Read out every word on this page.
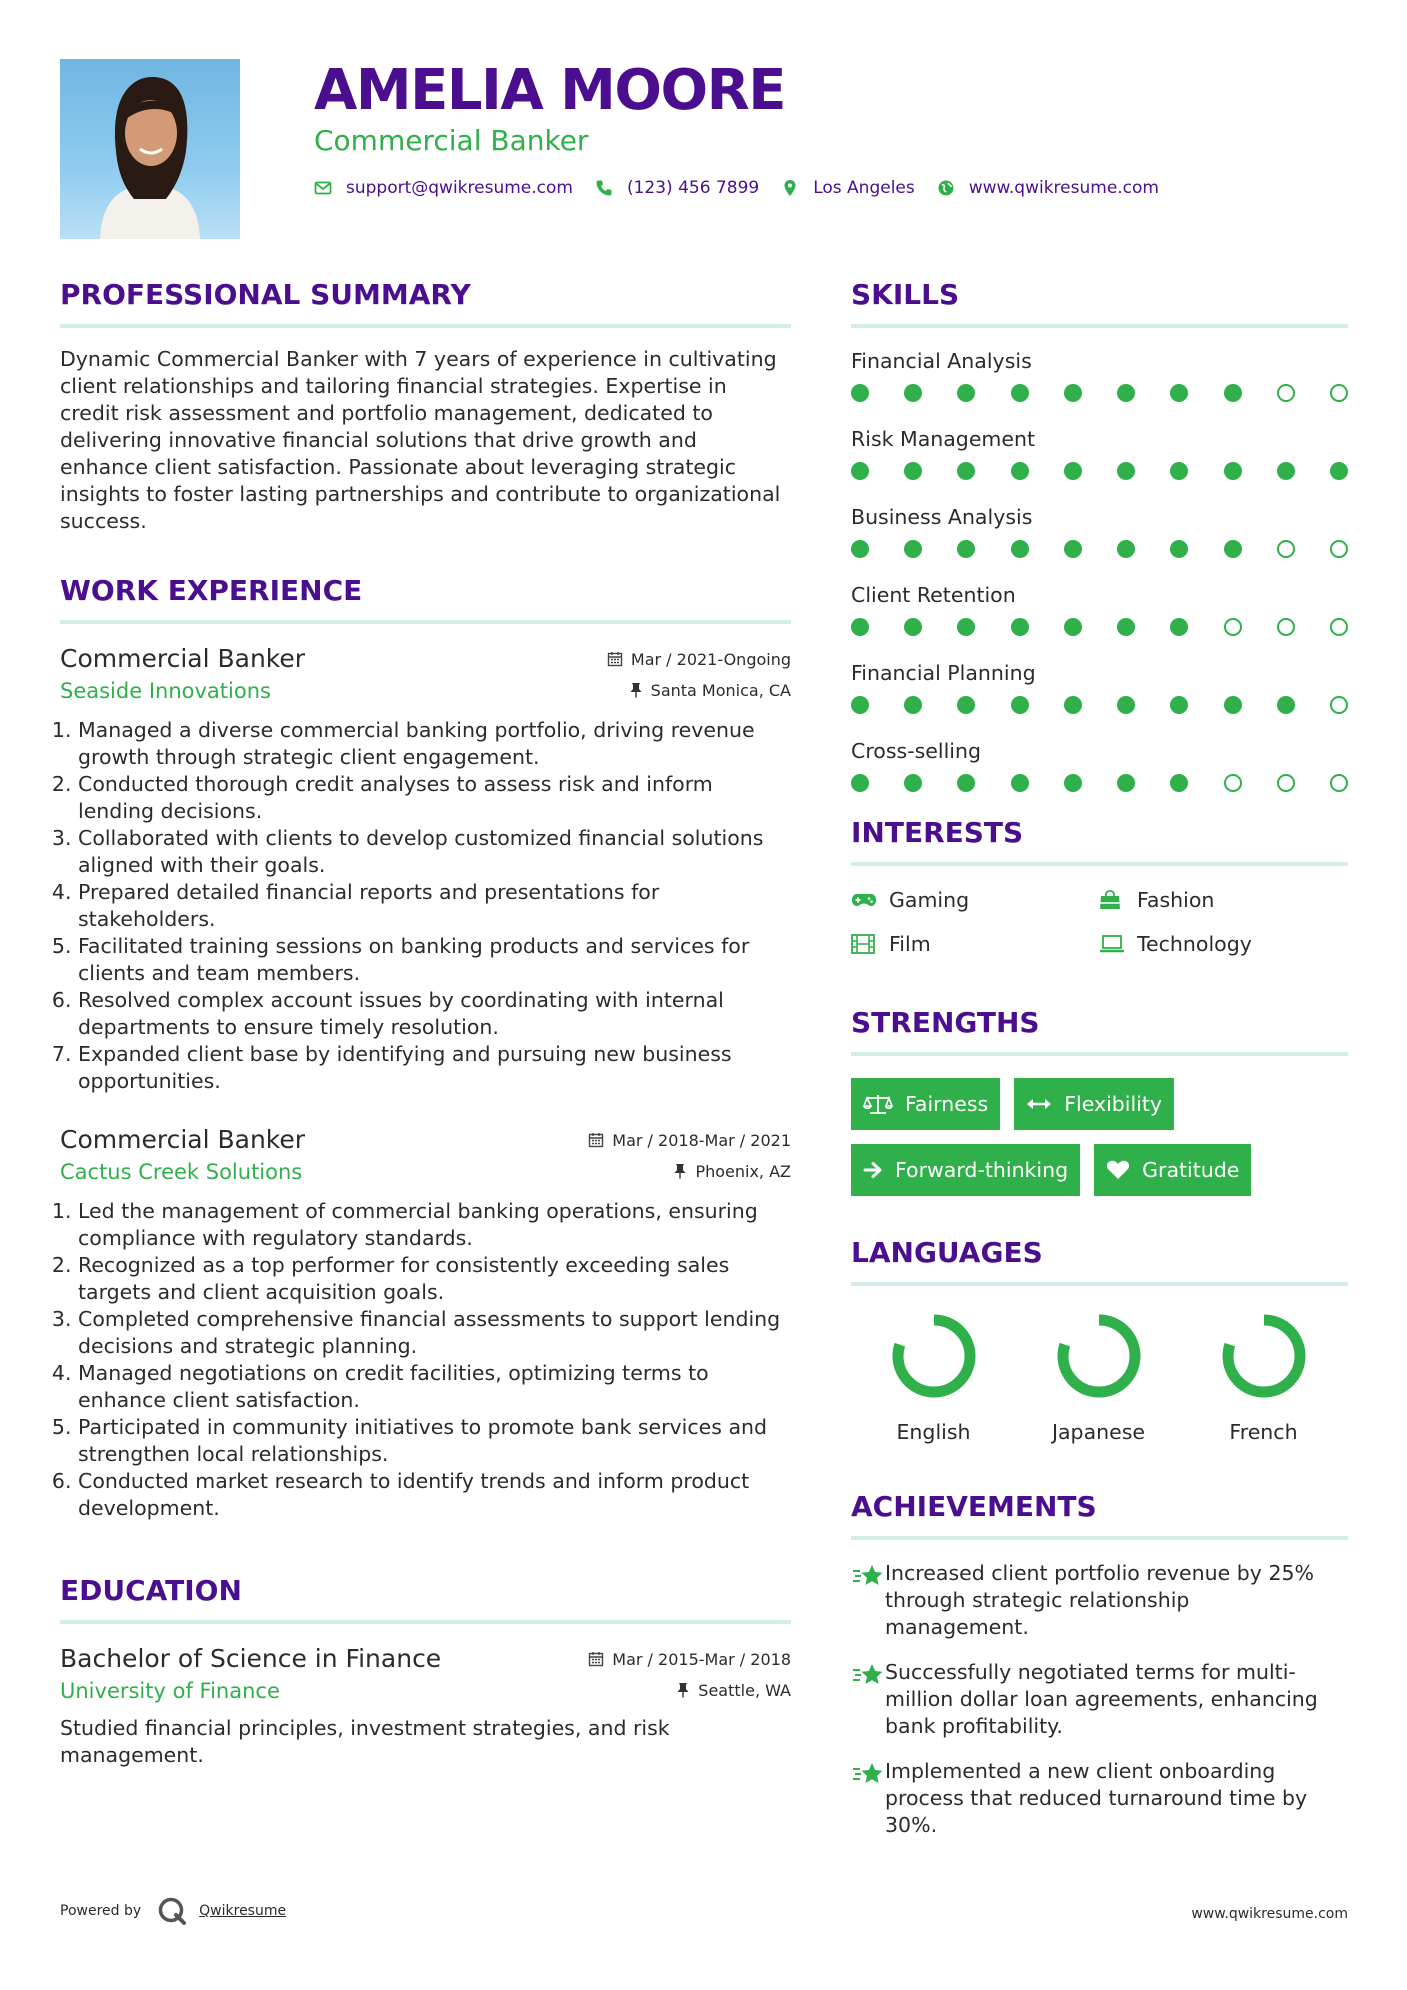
AMELIA MOORE
Commercial Banker
support@qwikresume.com	(123) 456 7899	Los Angeles	www.qwikresume.com
PROFESSIONAL SUMMARY

Dynamic Commercial Banker with 7 years of experience in cultivating client relationships and tailoring financial strategies. Expertise in credit risk assessment and portfolio management, dedicated to delivering innovative financial solutions that drive growth and enhance client satisfaction. Passionate about leveraging strategic insights to foster lasting partnerships and contribute to organizational success.

WORK EXPERIENCE
Commercial Banker	Mar / 2021-Ongoing
Seaside Innovations	Santa Monica, CA
1. Managed a diverse commercial banking portfolio, driving revenue growth through strategic client engagement.
2. Conducted thorough credit analyses to assess risk and inform lending decisions.
3. Collaborated with clients to develop customized financial solutions aligned with their goals.
4. Prepared detailed financial reports and presentations for stakeholders.
5. Facilitated training sessions on banking products and services for clients and team members.
6. Resolved complex account issues by coordinating with internal departments to ensure timely resolution.
7. Expanded client base by identifying and pursuing new business opportunities.
Commercial Banker	Mar / 2018-Mar / 2021
Cactus Creek Solutions	Phoenix, AZ
1. Led the management of commercial banking operations, ensuring compliance with regulatory standards.
2. Recognized as a top performer for consistently exceeding sales targets and client acquisition goals.
3. Completed comprehensive financial assessments to support lending decisions and strategic planning.
4. Managed negotiations on credit facilities, optimizing terms to enhance client satisfaction.
5. Participated in community initiatives to promote bank services and strengthen local relationships.
6. Conducted market research to identify trends and inform product development.
EDUCATION
Bachelor of Science in Finance	Mar / 2015-Mar / 2018
University of Finance	Seattle, WA

Studied financial principles, investment strategies, and risk management.

SKILLS
Financial Analysis
Risk Management
Business Analysis
Client Retention
Financial Planning
Cross-selling
INTERESTS
Gaming	Fashion
Film	Technology
STRENGTHS
Fairness	Flexibility
Forward-thinking	Gratitude
LANGUAGES
English	Japanese	French
ACHIEVEMENTS
Increased client portfolio revenue by 25% through strategic relationship management.
Successfully negotiated terms for multi-million dollar loan agreements, enhancing bank profitability.
Implemented a new client onboarding process that reduced turnaround time by 30%.
Powered by	Qwikresume	www.qwikresume.com
